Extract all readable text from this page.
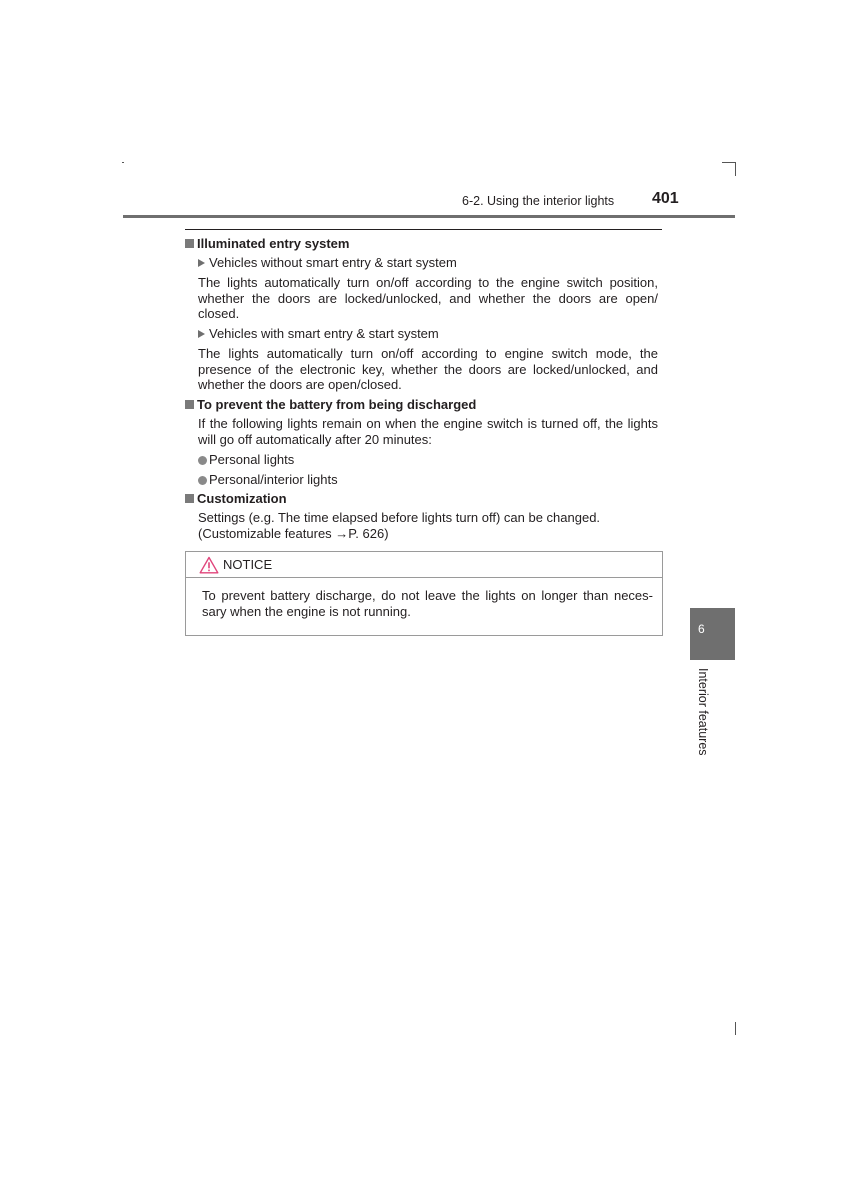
6-2. Using the interior lights 401
Illuminated entry system
Vehicles without smart entry & start system
The lights automatically turn on/off according to the engine switch position, whether the doors are locked/unlocked, and whether the doors are open/ closed.
Vehicles with smart entry & start system
The lights automatically turn on/off according to engine switch mode, the presence of the electronic key, whether the doors are locked/unlocked, and whether the doors are open/closed.
To prevent the battery from being discharged
If the following lights remain on when the engine switch is turned off, the lights will go off automatically after 20 minutes:
Personal lights
Personal/interior lights
Customization
Settings (e.g. The time elapsed before lights turn off) can be changed. (Customizable features →P. 626)
NOTICE
To prevent battery discharge, do not leave the lights on longer than neces-sary when the engine is not running.
6
Interior features
